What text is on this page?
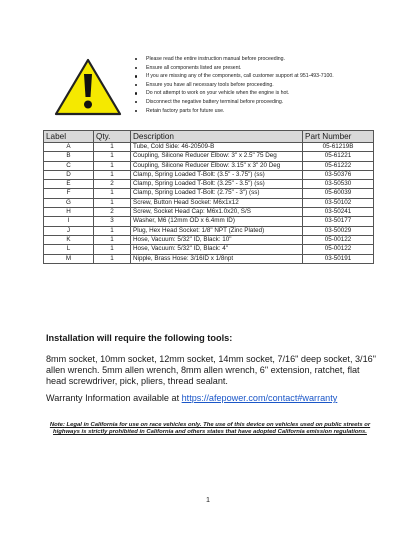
Please read the entire instruction manual before proceeding.
Ensure all components listed are present.
If you are missing any of the components, call customer support at 951-493-7100.
Ensure you have all necessary tools before proceeding.
Do not attempt to work on your vehicle when the engine is hot.
Disconnect the negative battery terminal before proceeding.
Retain factory parts for future use.
Label	Qty.	Description	Part Number
A	1	Tube, Cold Side: 46-20509-B	05-61219B
B	1	Coupling, Silicone Reducer Elbow: 3" x 2.5" 75 Deg	05-61221
C	1	Coupling, Silicone Reducer Elbow: 3.15" x 3" 20 Deg	05-61222
D	1	Clamp, Spring Loaded T-Bolt: (3.5" - 3.75") (ss)	03-50376
E	2	Clamp, Spring Loaded T-Bolt: (3.25" - 3.5") (ss)	03-50530
F	1	Clamp, Spring Loaded T-Bolt: (2.75" - 3") (ss)	05-60039
G	1	Screw, Button Head Socket: M6x1x12	03-50102
H	2	Screw, Socket Head Cap: M6x1.0x20, S/S	03-50241
I	3	Washer, M6 (12mm OD x 6.4mm ID)	03-50177
J	1	Plug, Hex Head Socket: 1/8" NPT (Zinc Plated)	03-50029
K	1	Hose, Vacuum: 5/32" ID, Black: 10"	05-00122
L	1	Hose, Vacuum: 5/32" ID, Black: 4"	05-00122
M	1	Nipple, Brass Hose: 3/16ID x 1/8npt	03-50191

Installation will require the following tools:

8mm socket, 10mm socket, 12mm socket, 14mm socket, 7/16" deep socket, 3/16" allen wrench. 5mm allen wrench, 8mm allen wrench, 6" extension, ratchet, flat head screwdriver, pick, pliers, thread sealant.

Warranty Information available at https://afepower.com/contact#warranty

Note: Legal in California for use on race vehicles only. The use of this device on vehicles used on public streets or highways is strictly prohibited in California and others states that have adopted California emission regulations.

1
